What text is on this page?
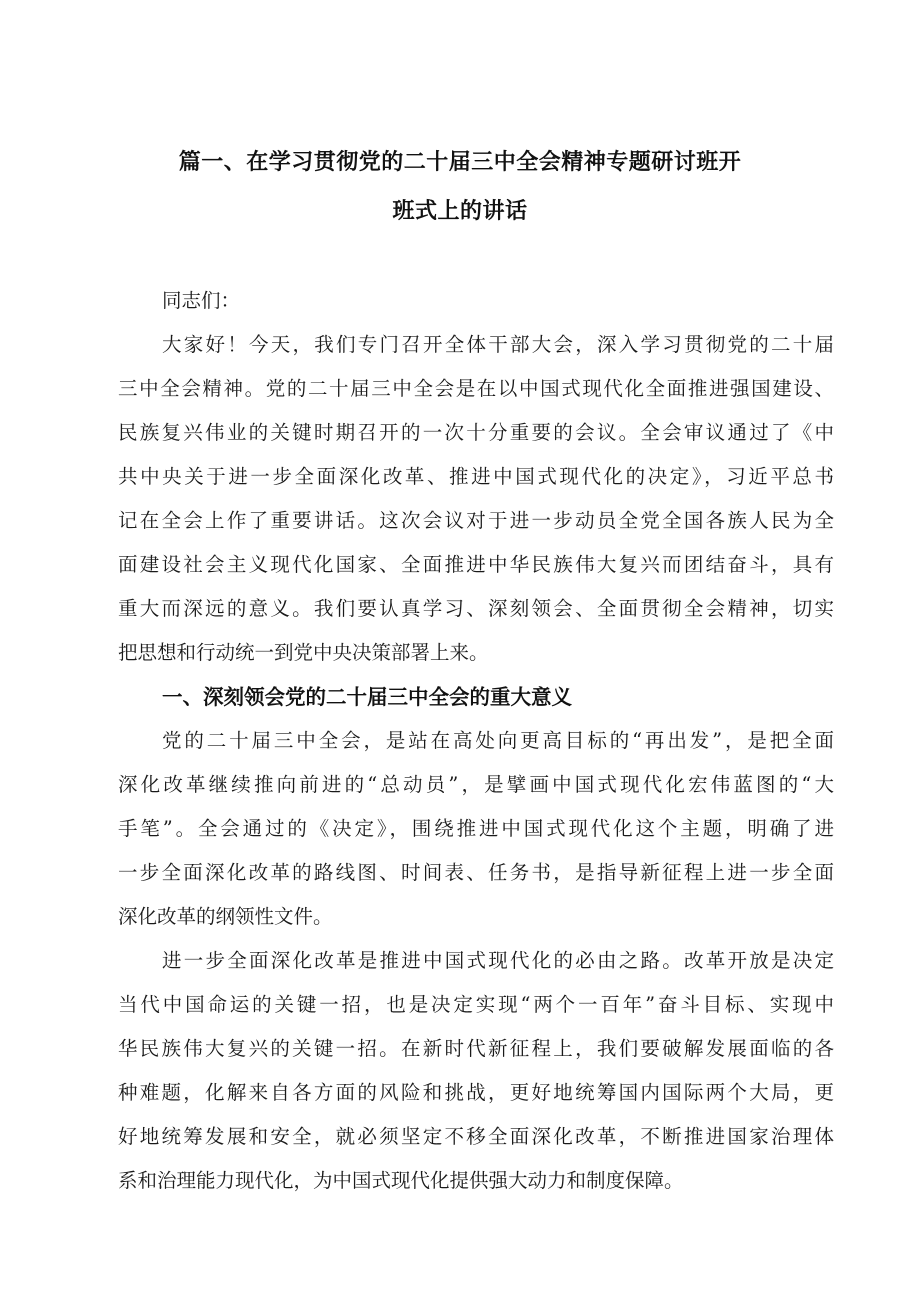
篇一、在学习贯彻党的二十届三中全会精神专题研讨班开
班式上的讲话
同志们：
大家好！今天，我们专门召开全体干部大会，深入学习贯彻党的二十届
三中全会精神。党的二十届三中全会是在以中国式现代化全面推进强国建设、
民族复兴伟业的关键时期召开的一次十分重要的会议。全会审议通过了《中
共中央关于进一步全面深化改革、推进中国式现代化的决定》，习近平总书
记在全会上作了重要讲话。这次会议对于进一步动员全党全国各族人民为全
面建设社会主义现代化国家、全面推进中华民族伟大复兴而团结奋斗，具有
重大而深远的意义。我们要认真学习、深刻领会、全面贯彻全会精神，切实
把思想和行动统一到党中央决策部署上来。
一、深刻领会党的二十届三中全会的重大意义
党的二十届三中全会，是站在高处向更高目标的“再出发”，是把全面
深化改革继续推向前进的“总动员”，是擘画中国式现代化宏伟蓝图的“大
手笔”。全会通过的《决定》，围绕推进中国式现代化这个主题，明确了进
一步全面深化改革的路线图、时间表、任务书，是指导新征程上进一步全面
深化改革的纲领性文件。
进一步全面深化改革是推进中国式现代化的必由之路。改革开放是决定
当代中国命运的关键一招，也是决定实现“两个一百年”奋斗目标、实现中
华民族伟大复兴的关键一招。在新时代新征程上，我们要破解发展面临的各
种难题，化解来自各方面的风险和挑战，更好地统筹国内国际两个大局，更
好地统筹发展和安全，就必须坚定不移全面深化改革，不断推进国家治理体
系和治理能力现代化，为中国式现代化提供强大动力和制度保障。
